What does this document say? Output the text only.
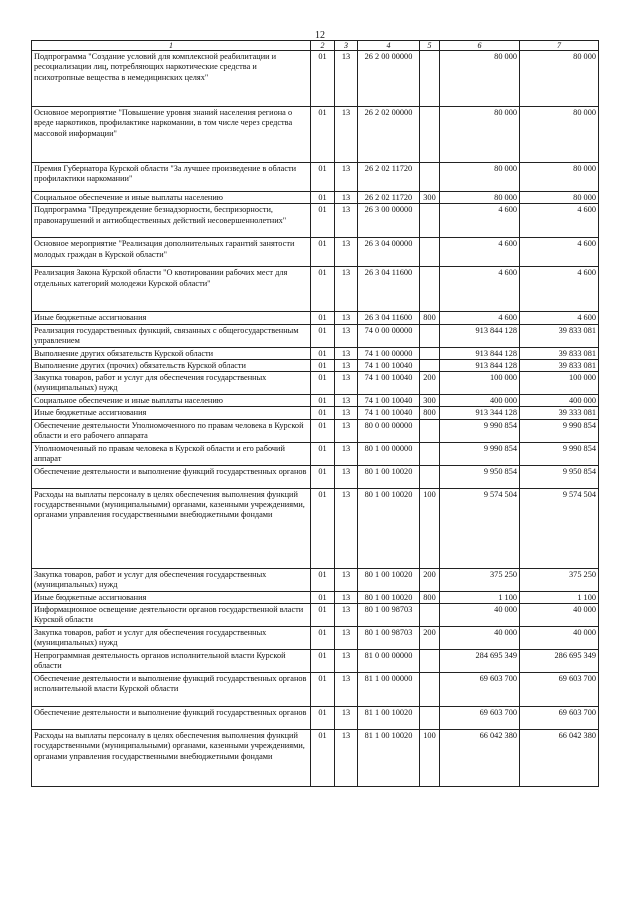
12
1	2	3	4	5	6	7
Подпрограмма "Создание условий для комплексной реабилитации и ресоциализации лиц, потребляющих наркотические средства и психотропные вещества в немедицинских целях"	01	13	26 2 00 00000		80 000	80 000
Основное мероприятие "Повышение уровня знаний населения региона о вреде наркотиков, профилактике наркомании, в том числе через средства массовой информации"	01	13	26 2 02 00000		80 000	80 000
Премия Губернатора Курской области "За лучшее произведение в области профилактики наркомании"	01	13	26 2 02 11720		80 000	80 000
Социальное обеспечение и иные выплаты населению	01	13	26 2 02 11720	300	80 000	80 000
Подпрограмма "Предупреждение безнадзорности, беспризорности, правонарушений и антиобщественных действий несовершеннолетних"	01	13	26 3 00 00000		4 600	4 600
Основное мероприятие "Реализация дополнительных гарантий занятости молодых граждан в Курской области"	01	13	26 3 04 00000		4 600	4 600
Реализация Закона Курской области "О квотировании рабочих мест для отдельных категорий молодежи Курской области"	01	13	26 3 04 11600		4 600	4 600
Иные бюджетные ассигнования	01	13	26 3 04 11600	800	4 600	4 600
Реализация государственных функций, связанных с общегосударственным управлением	01	13	74 0 00 00000		913 844 128	39 833 081
Выполнение других обязательств Курской области	01	13	74 1 00 00000		913 844 128	39 833 081
Выполнение других (прочих) обязательств Курской области	01	13	74 1 00 10040		913 844 128	39 833 081
Закупка товаров, работ и услуг для обеспечения государственных (муниципальных) нужд	01	13	74 1 00 10040	200	100 000	100 000
Социальное обеспечение и иные выплаты населению	01	13	74 1 00 10040	300	400 000	400 000
Иные бюджетные ассигнования	01	13	74 1 00 10040	800	913 344 128	39 333 081
Обеспечение деятельности Уполномоченного по правам человека в Курской области и его рабочего аппарата	01	13	80 0 00 00000		9 990 854	9 990 854
Уполномоченный по правам человека в Курской области и его рабочий аппарат	01	13	80 1 00 00000		9 990 854	9 990 854
Обеспечение деятельности и выполнение функций государственных органов	01	13	80 1 00 10020		9 950 854	9 950 854
Расходы на выплаты персоналу в целях обеспечения выполнения функций государственными (муниципальными) органами, казенными учреждениями, органами управления государственными внебюджетными фондами	01	13	80 1 00 10020	100	9 574 504	9 574 504
Закупка товаров, работ и услуг для обеспечения государственных (муниципальных) нужд	01	13	80 1 00 10020	200	375 250	375 250
Иные бюджетные ассигнования	01	13	80 1 00 10020	800	1 100	1 100
Информационное освещение деятельности органов государственной власти Курской области	01	13	80 1 00 98703		40 000	40 000
Закупка товаров, работ и услуг для обеспечения государственных (муниципальных) нужд	01	13	80 1 00 98703	200	40 000	40 000
Непрограммная деятельность органов исполнительной власти Курской области	01	13	81 0 00 00000		284 695 349	286 695 349
Обеспечение деятельности и выполнение функций государственных органов исполнительной власти Курской области	01	13	81 1 00 00000		69 603 700	69 603 700
Обеспечение деятельности и выполнение функций государственных органов	01	13	81 1 00 10020		69 603 700	69 603 700
Расходы на выплаты персоналу в целях обеспечения выполнения функций государственными (муниципальными) органами, казенными учреждениями, органами управления государственными внебюджетными фондами	01	13	81 1 00 10020	100	66 042 380	66 042 380
